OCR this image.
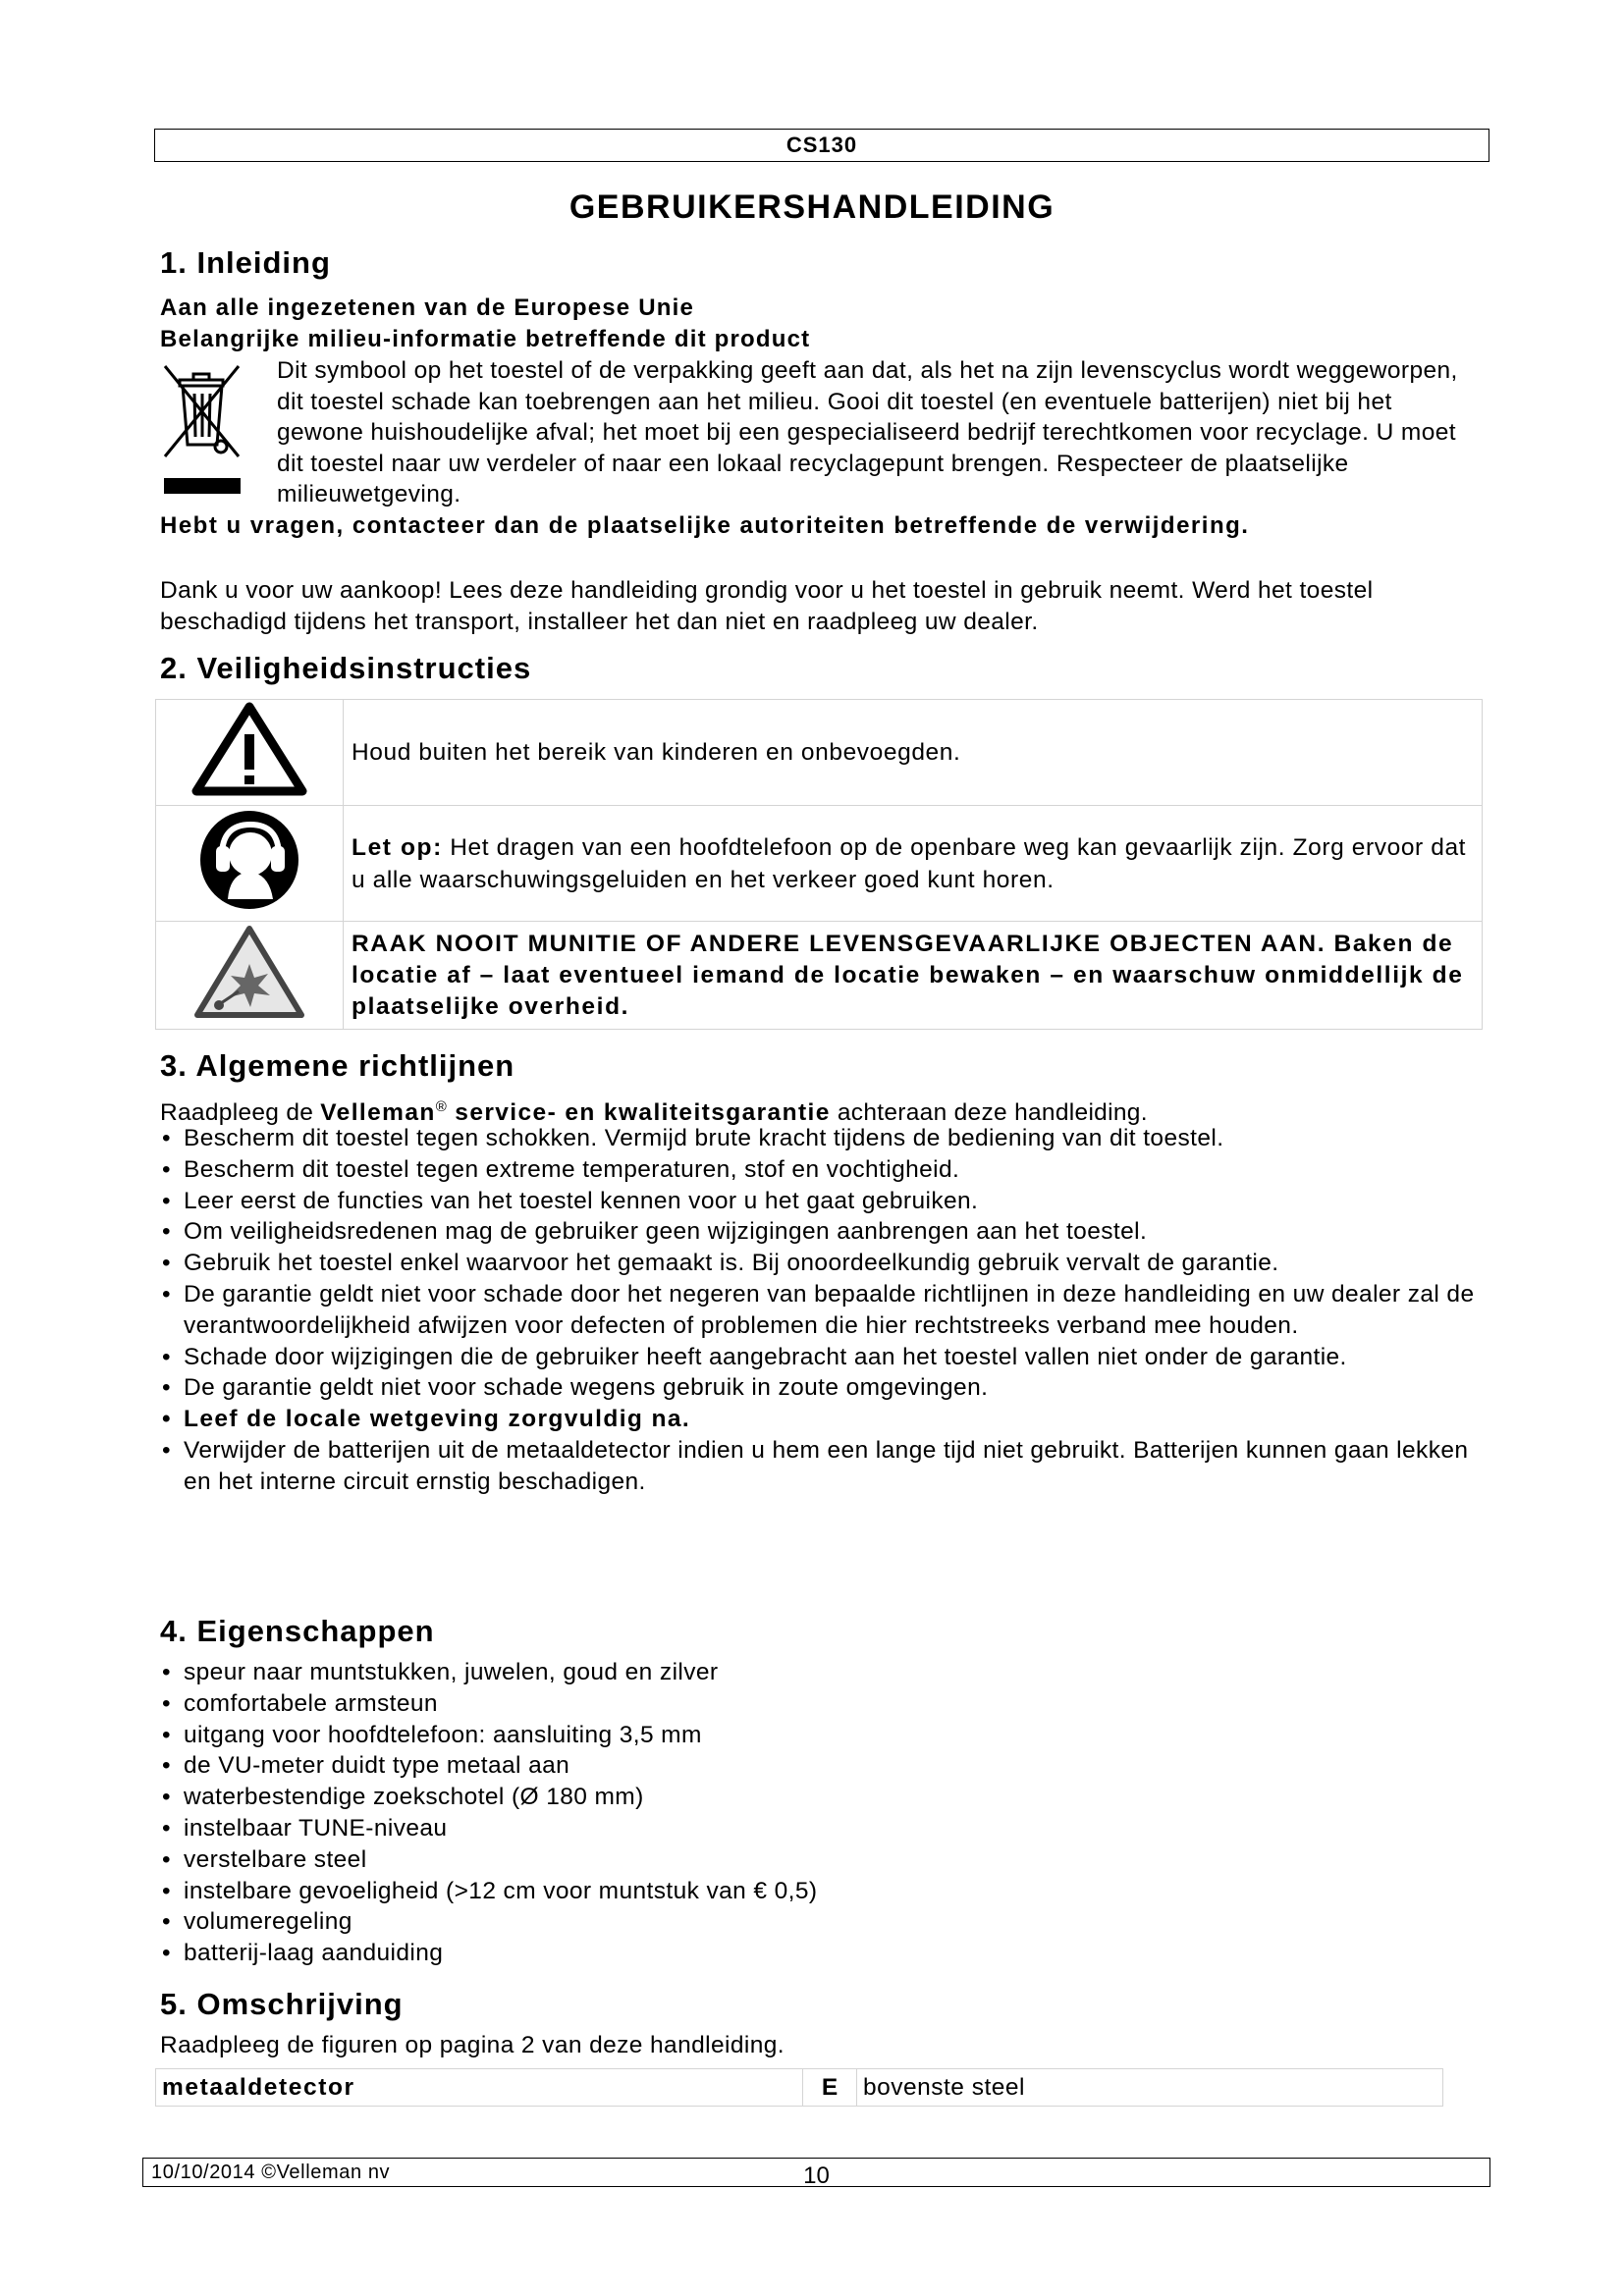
CS130
GEBRUIKERSHANDLEIDING
1. Inleiding
Aan alle ingezetenen van de Europese Unie
Belangrijke milieu-informatie betreffende dit product
Dit symbool op het toestel of de verpakking geeft aan dat, als het na zijn levenscyclus wordt weggeworpen, dit toestel schade kan toebrengen aan het milieu. Gooi dit toestel (en eventuele batterijen) niet bij het gewone huishoudelijke afval; het moet bij een gespecialiseerd bedrijf terechtkomen voor recyclage. U moet dit toestel naar uw verdeler of naar een lokaal recyclagepunt brengen. Respecteer de plaatselijke milieuwetgeving.
Hebt u vragen, contacteer dan de plaatselijke autoriteiten betreffende de verwijdering.
Dank u voor uw aankoop! Lees deze handleiding grondig voor u het toestel in gebruik neemt. Werd het toestel beschadigd tijdens het transport, installeer het dan niet en raadpleeg uw dealer.
2. Veiligheidsinstructies
	Houd buiten het bereik van kinderen en onbevoegden.
	Let op: Het dragen van een hoofdtelefoon op de openbare weg kan gevaarlijk zijn. Zorg ervoor dat u alle waarschuwingsgeluiden en het verkeer goed kunt horen.
	RAAK NOOIT MUNITIE OF ANDERE LEVENSGEVAARLIJKE OBJECTEN AAN. Baken de locatie af – laat eventueel iemand de locatie bewaken – en waarschuw onmiddellijk de plaatselijke overheid.
3. Algemene richtlijnen
Raadpleeg de Velleman® service- en kwaliteitsgarantie achteraan deze handleiding.
• Bescherm dit toestel tegen schokken. Vermijd brute kracht tijdens de bediening van dit toestel.
• Bescherm dit toestel tegen extreme temperaturen, stof en vochtigheid.
• Leer eerst de functies van het toestel kennen voor u het gaat gebruiken.
• Om veiligheidsredenen mag de gebruiker geen wijzigingen aanbrengen aan het toestel.
• Gebruik het toestel enkel waarvoor het gemaakt is. Bij onoordeelkundig gebruik vervalt de garantie.
• De garantie geldt niet voor schade door het negeren van bepaalde richtlijnen in deze handleiding en uw dealer zal de verantwoordelijkheid afwijzen voor defecten of problemen die hier rechtstreeks verband mee houden.
• Schade door wijzigingen die de gebruiker heeft aangebracht aan het toestel vallen niet onder de garantie.
• De garantie geldt niet voor schade wegens gebruik in zoute omgevingen.
• Leef de locale wetgeving zorgvuldig na.
• Verwijder de batterijen uit de metaaldetector indien u hem een lange tijd niet gebruikt. Batterijen kunnen gaan lekken en het interne circuit ernstig beschadigen.
4. Eigenschappen
• speur naar muntstukken, juwelen, goud en zilver
• comfortabele armsteun
• uitgang voor hoofdtelefoon: aansluiting 3,5 mm
• de VU-meter duidt type metaal aan
• waterbestendige zoekschotel (Ø 180 mm)
• instelbaar TUNE-niveau
• verstelbare steel
• instelbare gevoeligheid (>12 cm voor muntstuk van € 0,5)
• volumeregeling
• batterij-laag aanduiding
5. Omschrijving
Raadpleeg de figuren op pagina 2 van deze handleiding.
metaaldetector	E	bovenste steel
10/10/2014 ©Velleman nv	10
